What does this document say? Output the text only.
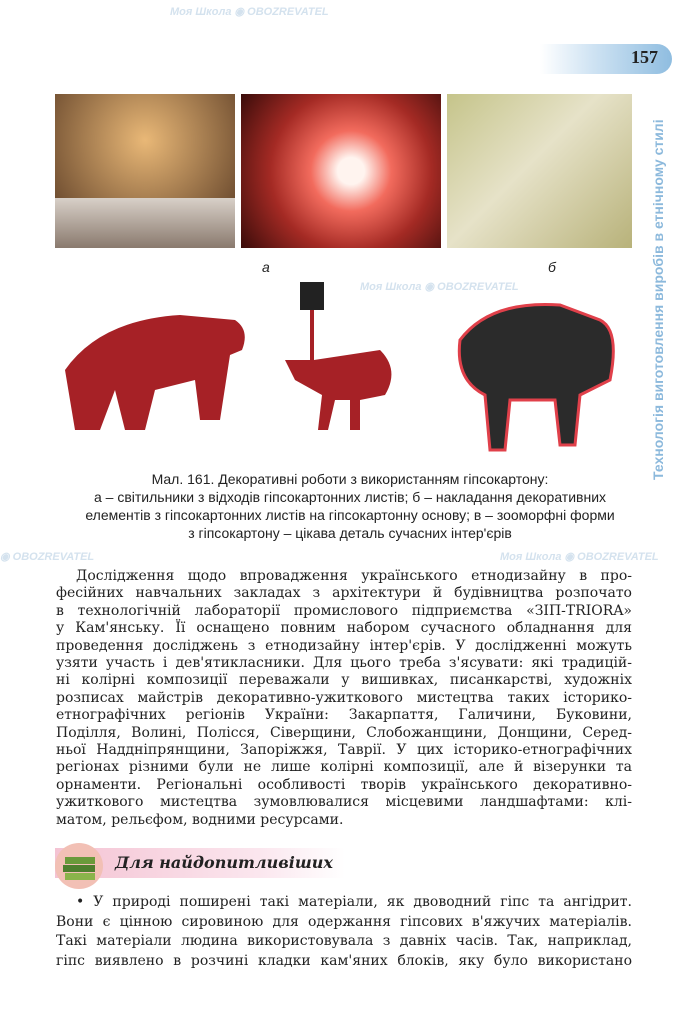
Моя Школа ◉ OBOZREVATEL
Моя Школа ◉ OBOZREVATEL
Моя Школа ◉ OBOZREVATEL
◉ OBOZREVATEL
157
Технологія виготовлення виробів в етнічному стилі
а	б
Мал. 161. Декоративні роботи з використанням гіпсокартону:
а – світильники з відходів гіпсокартонних листів; б – накладання декоративних
елементів з гіпсокартонних листів на гіпсокартонну основу; в – зооморфні форми
з гіпсокартону – цікава деталь сучасних інтер'єрів
Дослідження щодо впровадження українського етнодизайну в про-
фесійних навчальних закладах з архітектури й будівництва розпочато
в технологічній лабораторії промислового підприємства «ЗІП-TRIORA»
у Кам'янську. Її оснащено повним набором сучасного обладнання для
проведення досліджень з етнодизайну інтер'єрів. У дослідженні можуть
узяти участь і дев'ятикласники. Для цього треба з'ясувати: які традицій-
ні колірні композиції переважали у вишивках, писанкарстві, художніх
розписах майстрів декоративно-ужиткового мистецтва таких історико-
етнографічних регіонів України: Закарпаття, Галичини, Буковини,
Поділля, Волині, Полісся, Сіверщини, Слобожанщини, Донщини, Серед-
ньої Наддніпрянщини, Запоріжжя, Таврії. У цих історико-етнографічних
регіонах різними були не лише колірні композиції, але й візерунки та
орнаменти. Регіональні особливості творів українського декоративно-
ужиткового мистецтва зумовлювалися місцевими ландшафтами: клі-
матом, рельєфом, водними ресурсами.
Для найдопитливіших
• У природі поширені такі матеріали, як двоводний гіпс та ангідрит.
Вони є цінною сировиною для одержання гіпсових в'яжучих матеріалів.
Такі матеріали людина використовувала з давніх часів. Так, наприклад,
гіпс виявлено в розчині кладки кам'яних блоків, яку було використано
